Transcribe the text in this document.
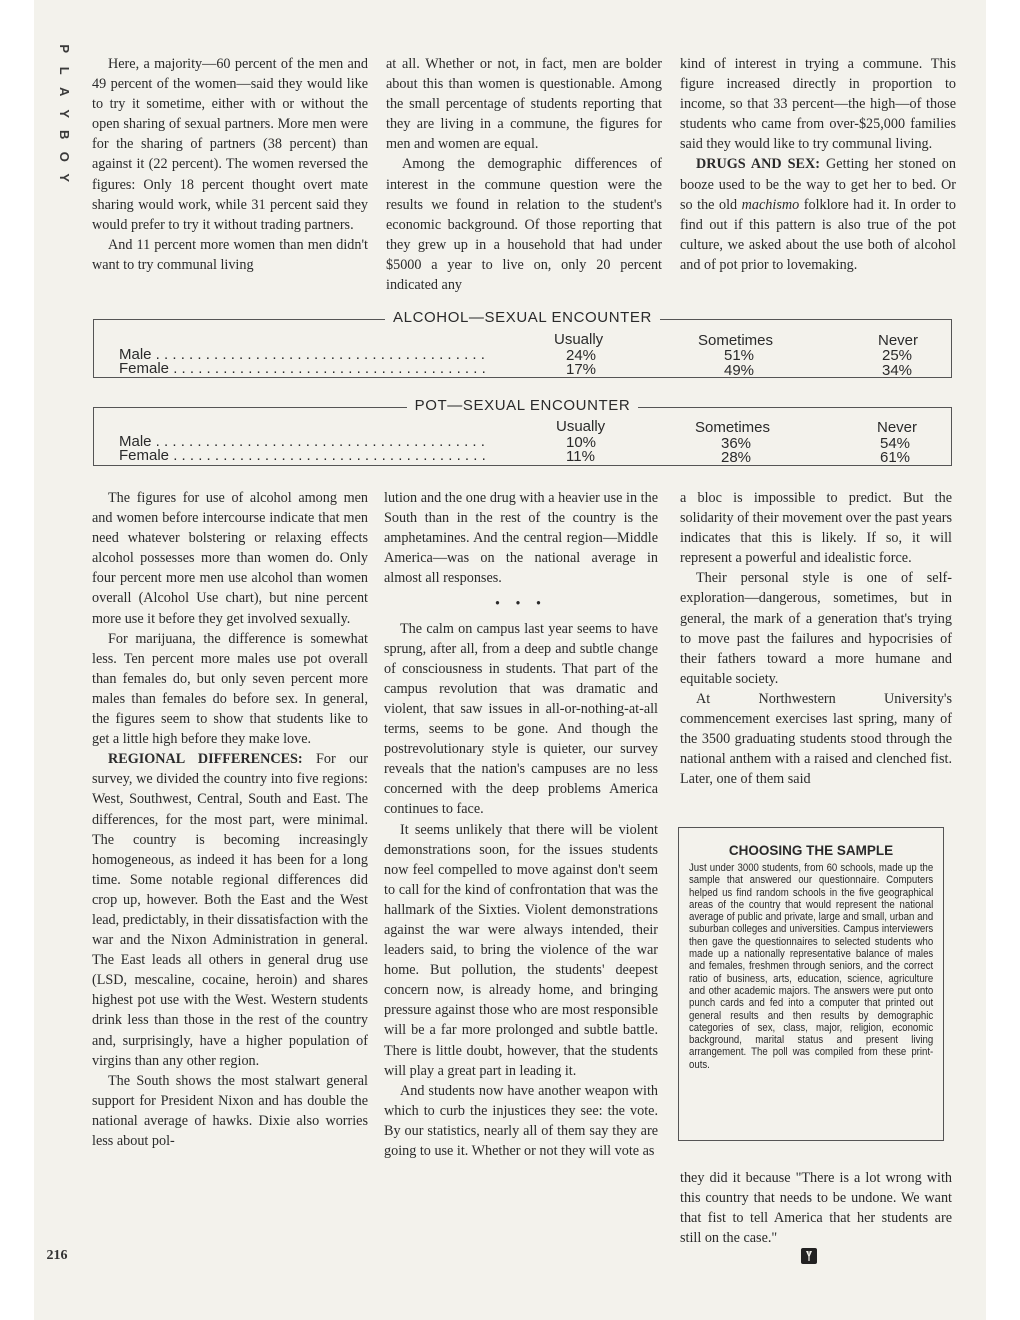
P
L
A
Y
B
O
Y

Here, a majority—60 percent of the men and 49 percent of the women—said they would like to try it sometime, either with or without the open sharing of sexual partners. More men were for the sharing of partners (38 percent) than against it (22 percent). The women reversed the figures: Only 18 percent thought overt mate sharing would work, while 31 percent said they would prefer to try it without trading partners.

And 11 percent more women than men didn't want to try communal living

at all. Whether or not, in fact, men are bolder about this than women is questionable. Among the small percentage of students reporting that they are living in a commune, the figures for men and women are equal.

Among the demographic differences of interest in the commune question were the results we found in relation to the student's economic background. Of those reporting that they grew up in a household that had under $5000 a year to live on, only 20 percent indicated any

kind of interest in trying a commune. This figure increased directly in proportion to income, so that 33 percent—the high—of those students who came from over-$25,000 families said they would like to try communal living.

DRUGS AND SEX: Getting her stoned on booze used to be the way to get her to bed. Or so the old machismo folklore had it. In order to find out if this pattern is also true of the pot culture, we asked about the use both of alcohol and of pot prior to lovemaking.

ALCOHOL—SEXUAL ENCOUNTER
Usually	Sometimes	Never
Male . . . . . . . . . . . . . . . . . . . . . . . . . . . . . . . . . . . . . . . .	24%	51%	25%
Female . . . . . . . . . . . . . . . . . . . . . . . . . . . . . . . . . . . . . .	17%	49%	34%
POT—SEXUAL ENCOUNTER
Usually	Sometimes	Never
Male . . . . . . . . . . . . . . . . . . . . . . . . . . . . . . . . . . . . . . . .	10%	36%	54%
Female . . . . . . . . . . . . . . . . . . . . . . . . . . . . . . . . . . . . . .	11%	28%	61%

The figures for use of alcohol among men and women before intercourse indicate that men need whatever bolstering or relaxing effects alcohol possesses more than women do. Only four percent more men use alcohol than women overall (Alcohol Use chart), but nine percent more use it before they get involved sexually.

For marijuana, the difference is somewhat less. Ten percent more males use pot overall than females do, but only seven percent more males than females do before sex. In general, the figures seem to show that students like to get a little high before they make love.

REGIONAL DIFFERENCES: For our survey, we divided the country into five regions: West, Southwest, Central, South and East. The differences, for the most part, were minimal. The country is becoming increasingly homogeneous, as indeed it has been for a long time. Some notable regional differences did crop up, however. Both the East and the West lead, predictably, in their dissatisfaction with the war and the Nixon Administration in general. The East leads all others in general drug use (LSD, mescaline, cocaine, heroin) and shares highest pot use with the West. Western students drink less than those in the rest of the country and, surprisingly, have a higher population of virgins than any other region.

The South shows the most stalwart general support for President Nixon and has double the national average of hawks. Dixie also worries less about pol-

lution and the one drug with a heavier use in the South than in the rest of the country is the amphetamines. And the central region—Middle America—was on the national average in almost all responses.

• • •

The calm on campus last year seems to have sprung, after all, from a deep and subtle change of consciousness in students. That part of the campus revolution that was dramatic and violent, that saw issues in all-or-nothing-at-all terms, seems to be gone. And though the postrevolutionary style is quieter, our survey reveals that the nation's campuses are no less concerned with the deep problems America continues to face.

It seems unlikely that there will be violent demonstrations soon, for the issues students now feel compelled to move against don't seem to call for the kind of confrontation that was the hallmark of the Sixties. Violent demonstrations against the war were always intended, their leaders said, to bring the violence of the war home. But pollution, the students' deepest concern now, is already home, and bringing pressure against those who are most responsible will be a far more prolonged and subtle battle. There is little doubt, however, that the students will play a great part in leading it.

And students now have another weapon with which to curb the injustices they see: the vote. By our statistics, nearly all of them say they are going to use it. Whether or not they will vote as

a bloc is impossible to predict. But the solidarity of their movement over the past years indicates that this is likely. If so, it will represent a powerful and idealistic force.

Their personal style is one of self-exploration—dangerous, sometimes, but in general, the mark of a generation that's trying to move past the failures and hypocrisies of their fathers toward a more humane and equitable society.

At Northwestern University's commencement exercises last spring, many of the 3500 graduating students stood through the national anthem with a raised and clenched fist. Later, one of them said

CHOOSING THE SAMPLE
Just under 3000 students, from 60 schools, made up the sample that answered our questionnaire. Computers helped us find random schools in the five geographical areas of the country that would represent the national average of public and private, large and small, urban and suburban colleges and universities. Campus interviewers then gave the questionnaires to selected students who made up a nationally representative balance of males and females, freshmen through seniors, and the correct ratio of business, arts, education, science, agriculture and other academic majors. The answers were put onto punch cards and fed into a computer that printed out general results and then results by demographic categories of sex, class, major, religion, economic background, marital status and present living arrangement. The poll was compiled from these print-outs.

they did it because "There is a lot wrong with this country that needs to be undone. We want that fist to tell America that her students are still on the case."

216
